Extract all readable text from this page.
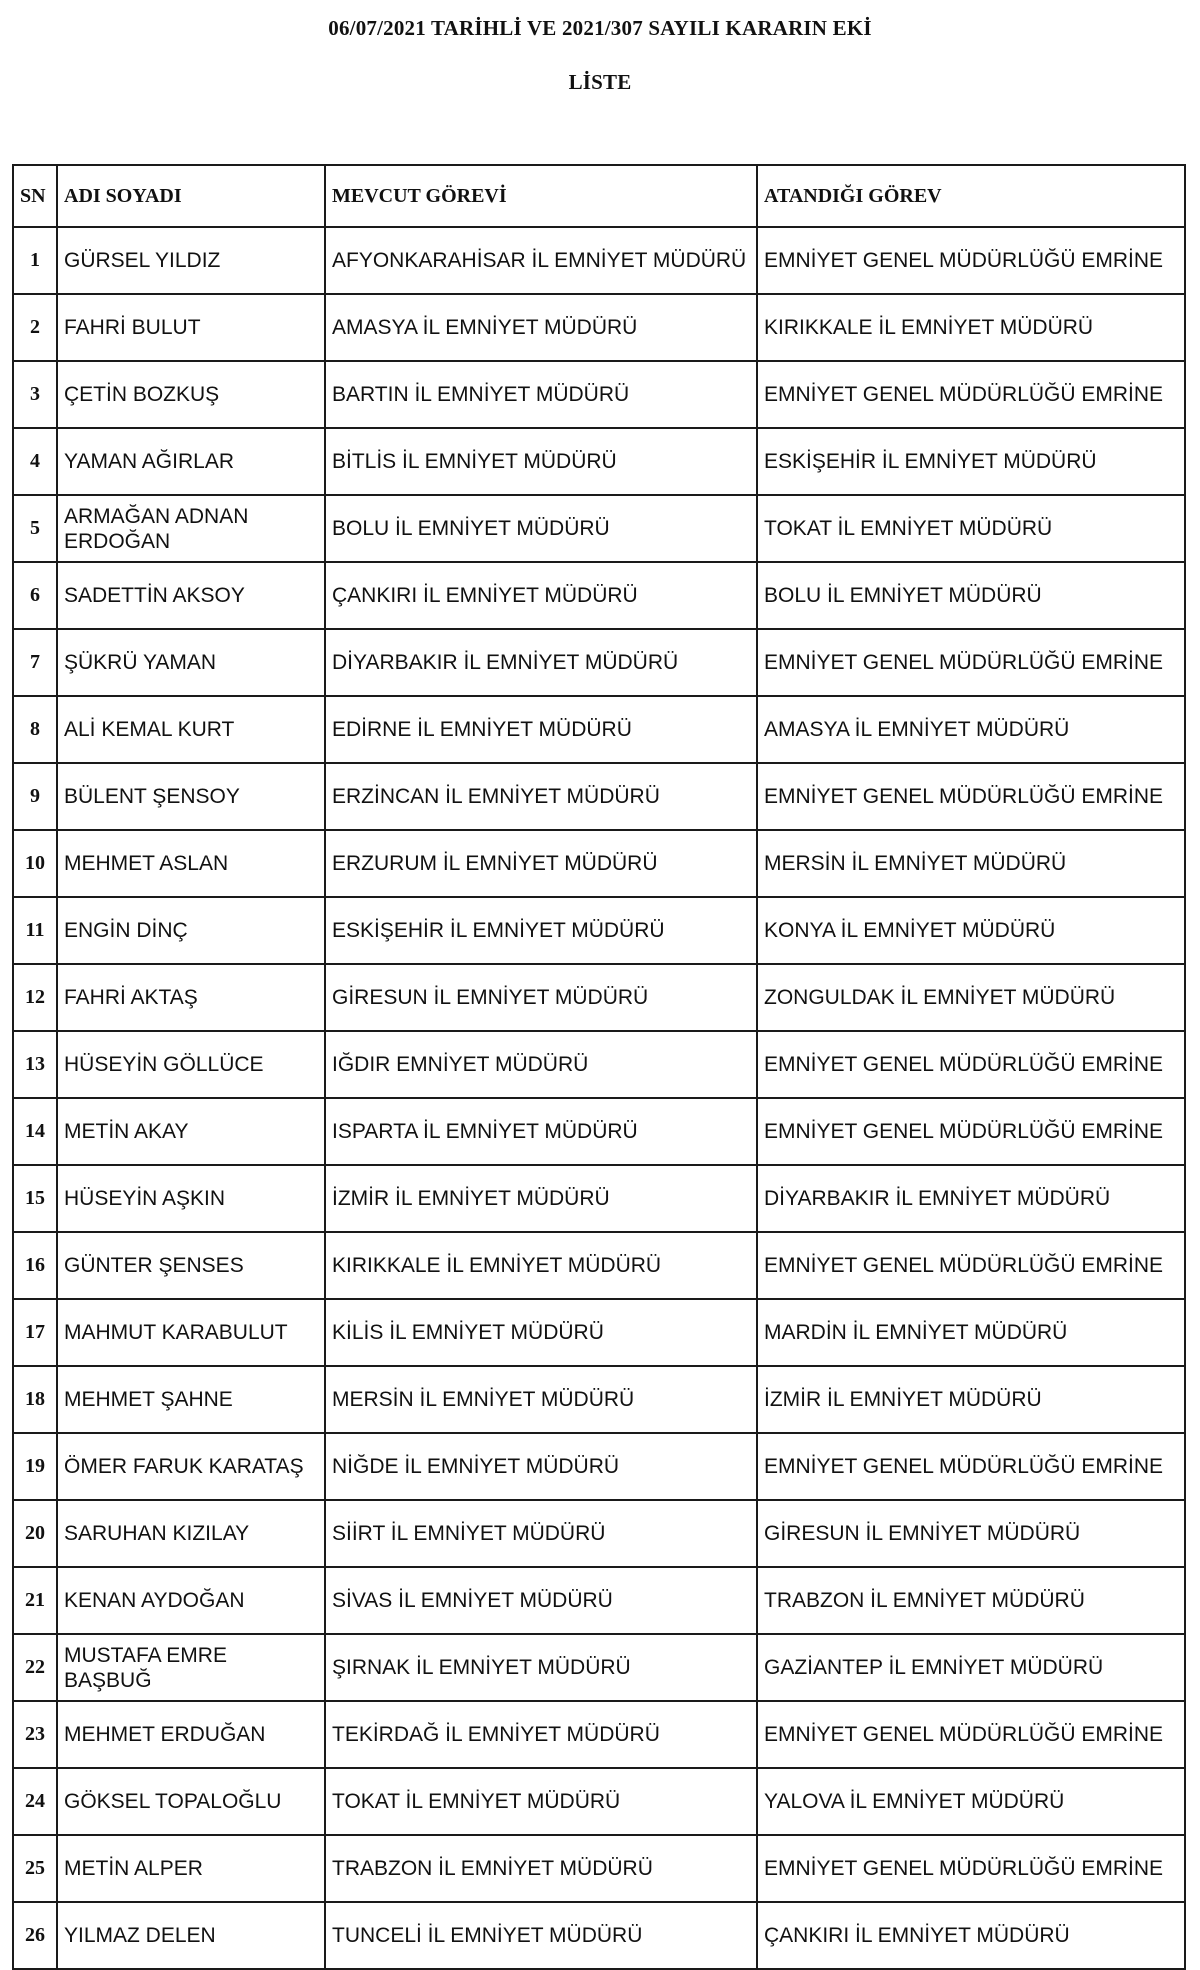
06/07/2021 TARİHLİ VE 2021/307 SAYILI KARARIN EKİ
LİSTE
SN	ADI SOYADI	MEVCUT GÖREVİ	ATANDIĞI GÖREV
1	GÜRSEL YILDIZ	AFYONKARAHİSAR İL EMNİYET MÜDÜRÜ	EMNİYET GENEL MÜDÜRLÜĞÜ EMRİNE
2	FAHRİ BULUT	AMASYA İL EMNİYET MÜDÜRÜ	KIRIKKALE İL EMNİYET MÜDÜRÜ
3	ÇETİN BOZKUŞ	BARTIN İL EMNİYET MÜDÜRÜ	EMNİYET GENEL MÜDÜRLÜĞÜ EMRİNE
4	YAMAN AĞIRLAR	BİTLİS İL EMNİYET MÜDÜRÜ	ESKİŞEHİR İL EMNİYET MÜDÜRÜ
5	ARMAĞAN ADNAN ERDOĞAN	BOLU İL EMNİYET MÜDÜRÜ	TOKAT İL EMNİYET MÜDÜRÜ
6	SADETTİN AKSOY	ÇANKIRI İL EMNİYET MÜDÜRÜ	BOLU İL EMNİYET MÜDÜRÜ
7	ŞÜKRÜ YAMAN	DİYARBAKIR İL EMNİYET MÜDÜRÜ	EMNİYET GENEL MÜDÜRLÜĞÜ EMRİNE
8	ALİ KEMAL KURT	EDİRNE İL EMNİYET MÜDÜRÜ	AMASYA İL EMNİYET MÜDÜRÜ
9	BÜLENT ŞENSOY	ERZİNCAN İL EMNİYET MÜDÜRÜ	EMNİYET GENEL MÜDÜRLÜĞÜ EMRİNE
10	MEHMET ASLAN	ERZURUM İL EMNİYET MÜDÜRÜ	MERSİN İL EMNİYET MÜDÜRÜ
11	ENGİN DİNÇ	ESKİŞEHİR İL EMNİYET MÜDÜRÜ	KONYA İL EMNİYET MÜDÜRÜ
12	FAHRİ AKTAŞ	GİRESUN İL EMNİYET MÜDÜRÜ	ZONGULDAK İL EMNİYET MÜDÜRÜ
13	HÜSEYİN GÖLLÜCE	IĞDIR EMNİYET MÜDÜRÜ	EMNİYET GENEL MÜDÜRLÜĞÜ EMRİNE
14	METİN AKAY	ISPARTA İL EMNİYET MÜDÜRÜ	EMNİYET GENEL MÜDÜRLÜĞÜ EMRİNE
15	HÜSEYİN AŞKIN	İZMİR İL EMNİYET MÜDÜRÜ	DİYARBAKIR İL EMNİYET MÜDÜRÜ
16	GÜNTER ŞENSES	KIRIKKALE İL EMNİYET MÜDÜRÜ	EMNİYET GENEL MÜDÜRLÜĞÜ EMRİNE
17	MAHMUT KARABULUT	KİLİS İL EMNİYET MÜDÜRÜ	MARDİN İL EMNİYET MÜDÜRÜ
18	MEHMET ŞAHNE	MERSİN İL EMNİYET MÜDÜRÜ	İZMİR İL EMNİYET MÜDÜRÜ
19	ÖMER FARUK KARATAŞ	NİĞDE İL EMNİYET MÜDÜRÜ	EMNİYET GENEL MÜDÜRLÜĞÜ EMRİNE
20	SARUHAN KIZILAY	SİİRT İL EMNİYET MÜDÜRÜ	GİRESUN İL EMNİYET MÜDÜRÜ
21	KENAN AYDOĞAN	SİVAS İL EMNİYET MÜDÜRÜ	TRABZON İL EMNİYET MÜDÜRÜ
22	MUSTAFA EMRE BAŞBUĞ	ŞIRNAK İL EMNİYET MÜDÜRÜ	GAZİANTEP İL EMNİYET MÜDÜRÜ
23	MEHMET ERDUĞAN	TEKİRDAĞ İL EMNİYET MÜDÜRÜ	EMNİYET GENEL MÜDÜRLÜĞÜ EMRİNE
24	GÖKSEL TOPALOĞLU	TOKAT İL EMNİYET MÜDÜRÜ	YALOVA İL EMNİYET MÜDÜRÜ
25	METİN ALPER	TRABZON İL EMNİYET MÜDÜRÜ	EMNİYET GENEL MÜDÜRLÜĞÜ EMRİNE
26	YILMAZ DELEN	TUNCELİ İL EMNİYET MÜDÜRÜ	ÇANKIRI İL EMNİYET MÜDÜRÜ
